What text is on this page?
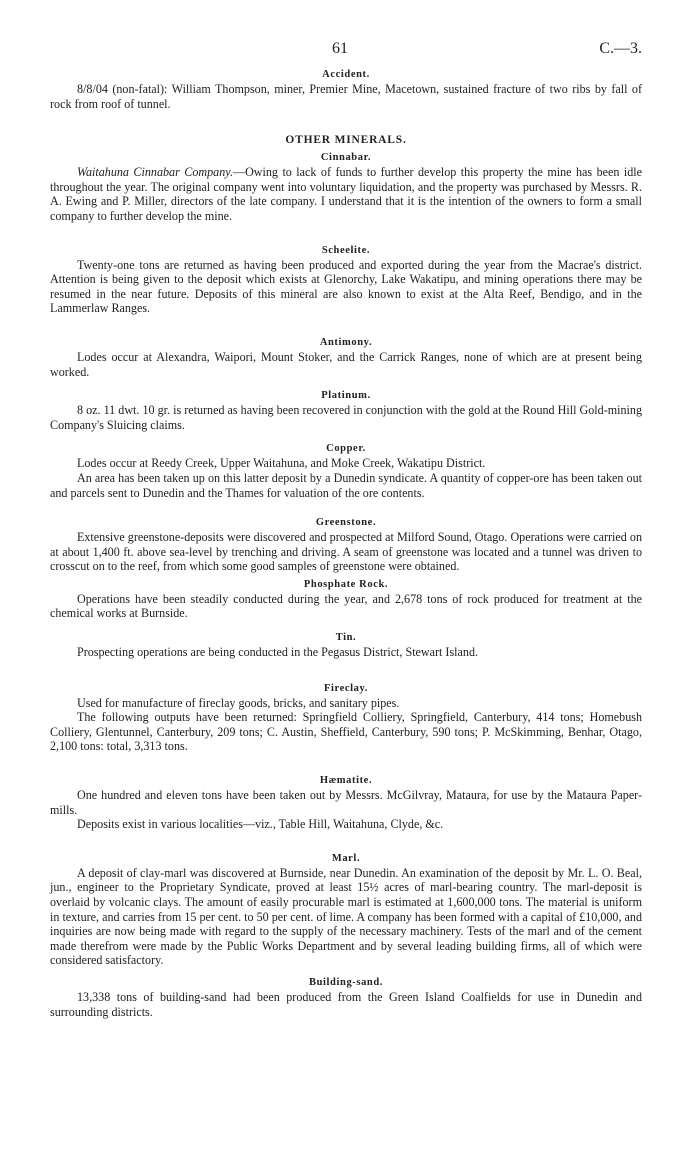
61	C.—3.
Accident.

8/8/04 (non-fatal): William Thompson, miner, Premier Mine, Macetown, sustained fracture of two ribs by fall of rock from roof of tunnel.

OTHER MINERALS.
Cinnabar.

Waitahuna Cinnabar Company.—Owing to lack of funds to further develop this property the mine has been idle throughout the year. The original company went into voluntary liquidation, and the property was purchased by Messrs. R. A. Ewing and P. Miller, directors of the late company. I understand that it is the intention of the owners to form a small company to further develop the mine.

Scheelite.

Twenty-one tons are returned as having been produced and exported during the year from the Macrae's district. Attention is being given to the deposit which exists at Glenorchy, Lake Wakatipu, and mining operations there may be resumed in the near future. Deposits of this mineral are also known to exist at the Alta Reef, Bendigo, and in the Lammerlaw Ranges.

Antimony.

Lodes occur at Alexandra, Waipori, Mount Stoker, and the Carrick Ranges, none of which are at present being worked.

Platinum.

8 oz. 11 dwt. 10 gr. is returned as having been recovered in conjunction with the gold at the Round Hill Gold-mining Company's Sluicing claims.

Copper.

Lodes occur at Reedy Creek, Upper Waitahuna, and Moke Creek, Wakatipu District.

An area has been taken up on this latter deposit by a Dunedin syndicate. A quantity of copper-ore has been taken out and parcels sent to Dunedin and the Thames for valuation of the ore contents.

Greenstone.

Extensive greenstone-deposits were discovered and prospected at Milford Sound, Otago. Operations were carried on at about 1,400 ft. above sea-level by trenching and driving. A seam of greenstone was located and a tunnel was driven to crosscut on to the reef, from which some good samples of greenstone were obtained.

Phosphate Rock.

Operations have been steadily conducted during the year, and 2,678 tons of rock produced for treatment at the chemical works at Burnside.

Tin.

Prospecting operations are being conducted in the Pegasus District, Stewart Island.

Fireclay.

Used for manufacture of fireclay goods, bricks, and sanitary pipes.

The following outputs have been returned: Springfield Colliery, Springfield, Canterbury, 414 tons; Homebush Colliery, Glentunnel, Canterbury, 209 tons; C. Austin, Sheffield, Canterbury, 590 tons; P. McSkimming, Benhar, Otago, 2,100 tons: total, 3,313 tons.

Hæmatite.

One hundred and eleven tons have been taken out by Messrs. McGilvray, Mataura, for use by the Mataura Paper-mills.

Deposits exist in various localities—viz., Table Hill, Waitahuna, Clyde, &c.

Marl.

A deposit of clay-marl was discovered at Burnside, near Dunedin. An examination of the deposit by Mr. L. O. Beal, jun., engineer to the Proprietary Syndicate, proved at least 15½ acres of marl-bearing country. The marl-deposit is overlaid by volcanic clays. The amount of easily procurable marl is estimated at 1,600,000 tons. The material is uniform in texture, and carries from 15 per cent. to 50 per cent. of lime. A company has been formed with a capital of £10,000, and inquiries are now being made with regard to the supply of the necessary machinery. Tests of the marl and of the cement made therefrom were made by the Public Works Department and by several leading building firms, all of which were considered satisfactory.

Building-sand.

13,338 tons of building-sand had been produced from the Green Island Coalfields for use in Dunedin and surrounding districts.
